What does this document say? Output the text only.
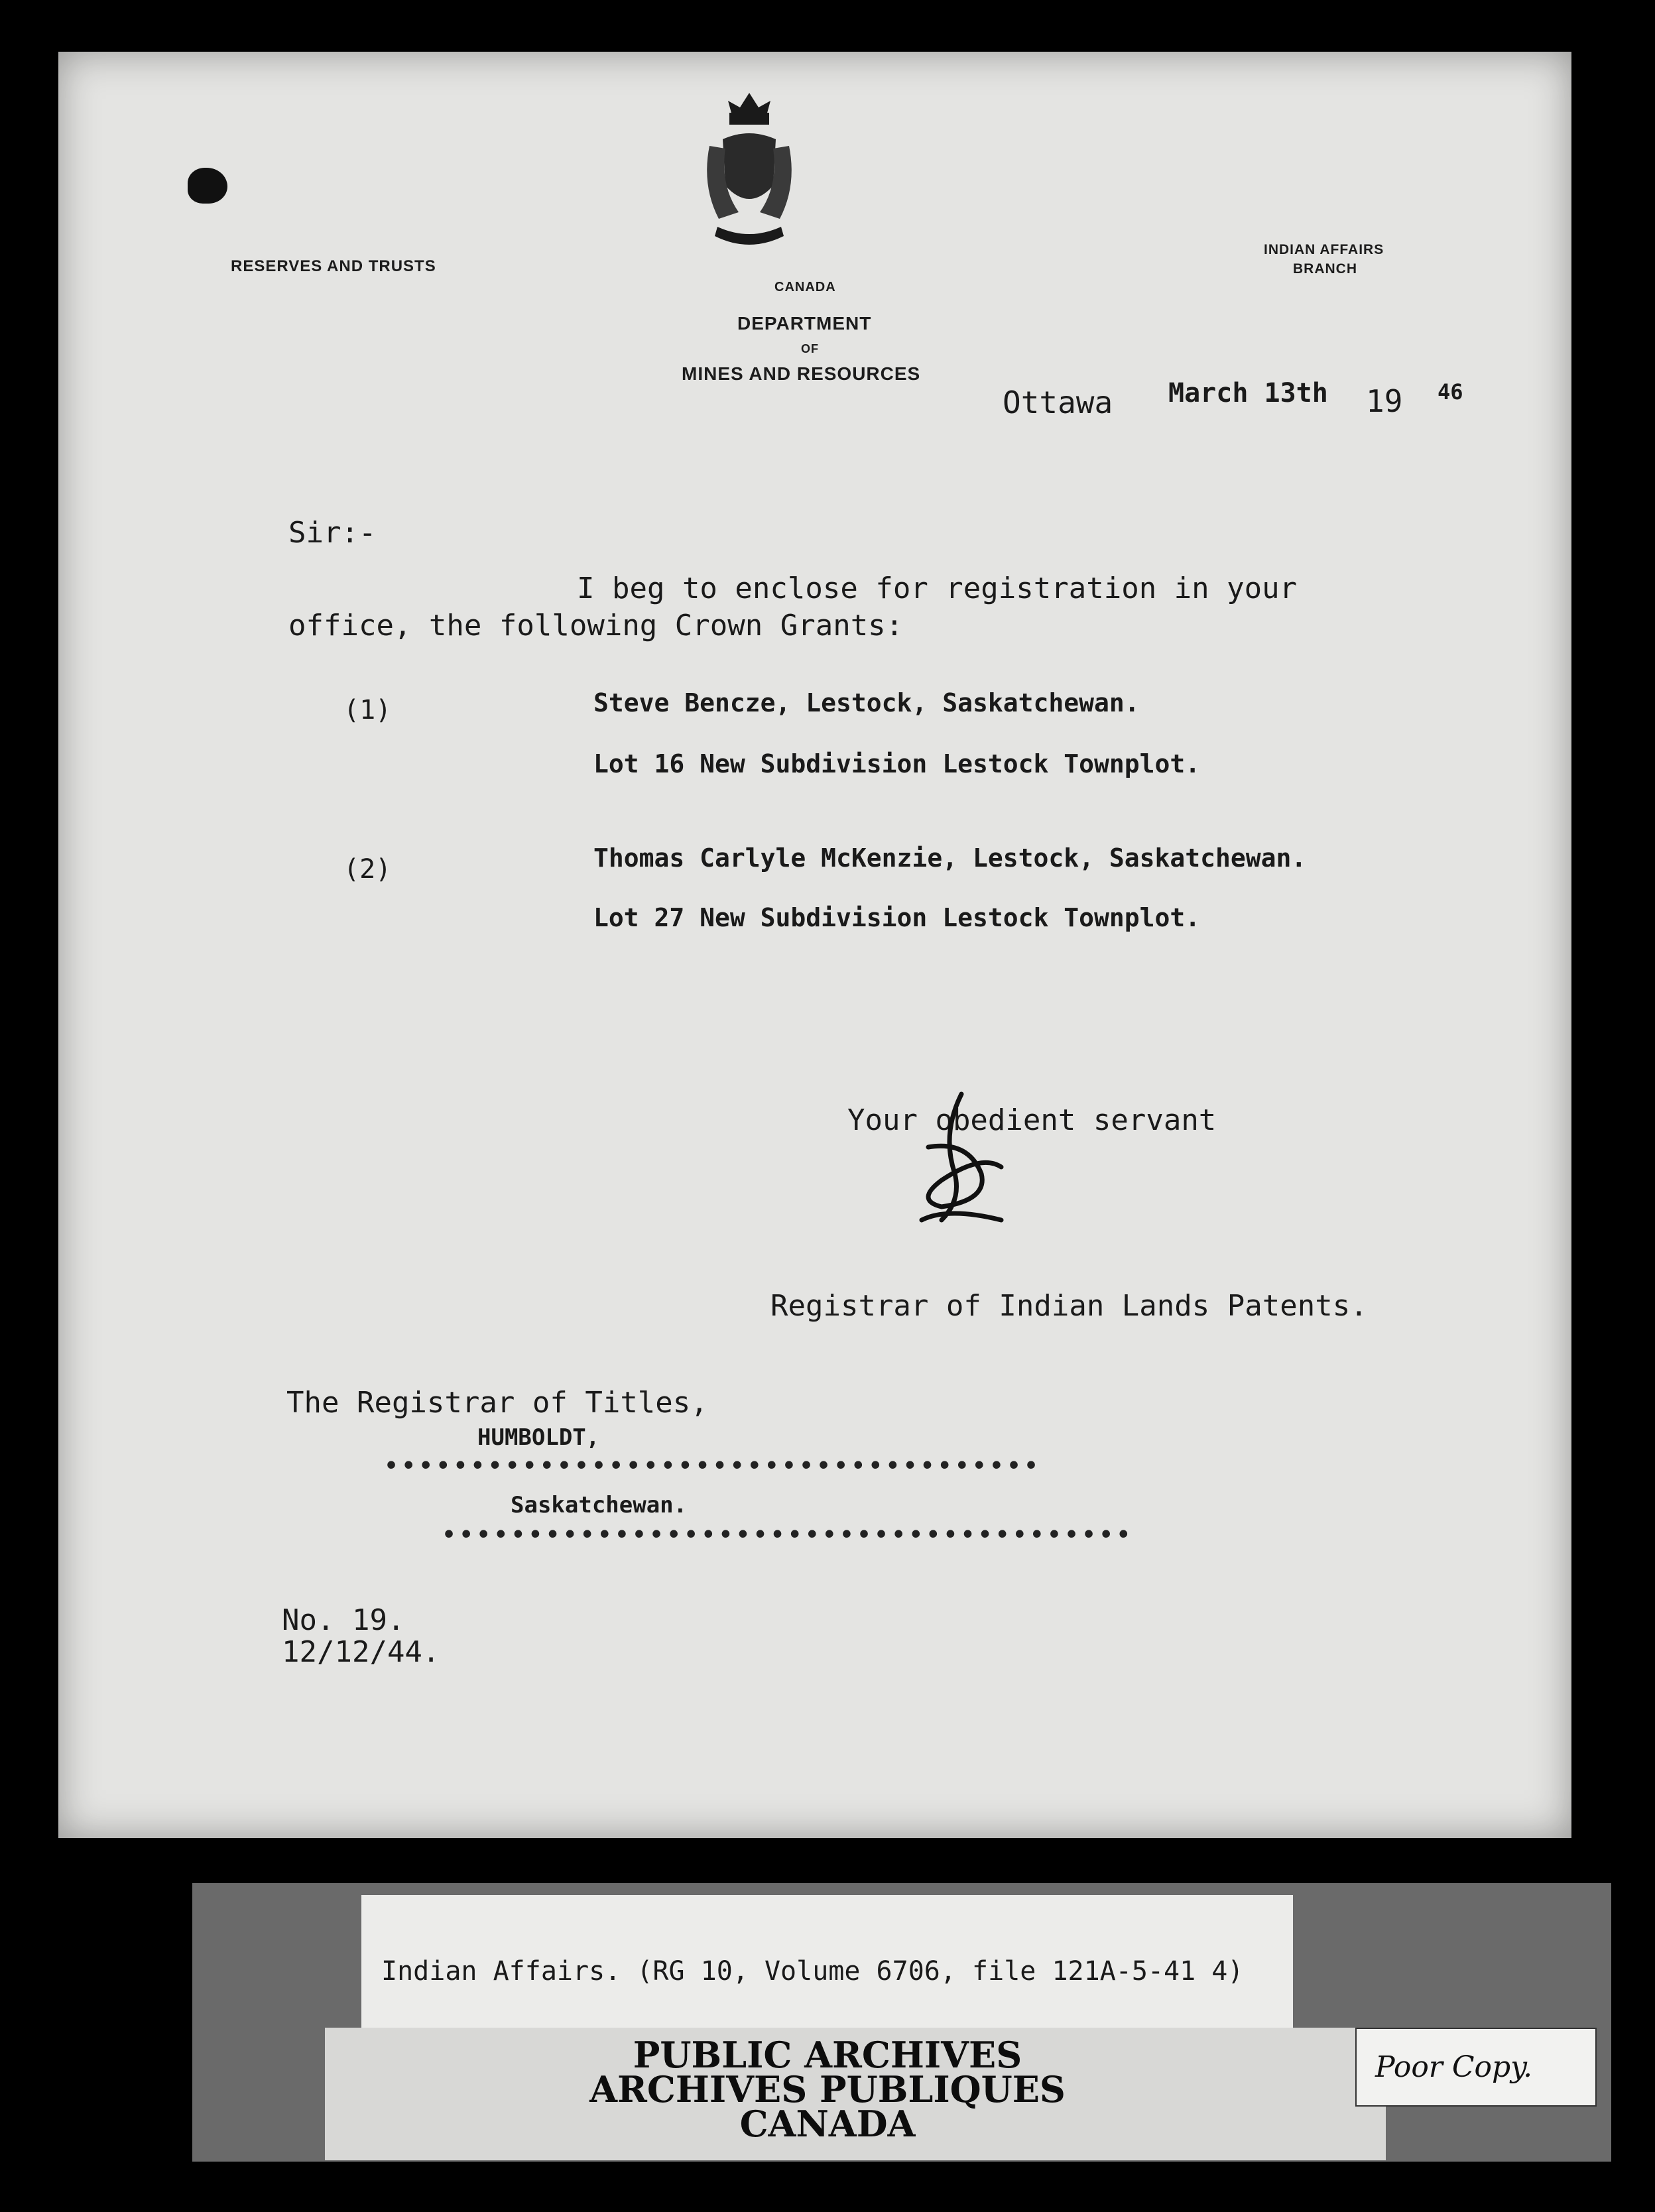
RESERVES AND TRUSTS
CANADA
DEPARTMENT
OF
MINES AND RESOURCES
INDIAN AFFAIRS
BRANCH
Ottawa March 13th 19 46
Sir:-
I beg to enclose for registration in your
office, the following Crown Grants:
(1)	Steve Bencze, Lestock, Saskatchewan.
Lot 16 New Subdivision Lestock Townplot.
(2)	Thomas Carlyle McKenzie, Lestock, Saskatchewan.
Lot 27 New Subdivision Lestock Townplot.
Your obedient servant
Registrar of Indian Lands Patents.
The Registrar of Titles,
HUMBOLDT,
••••••••••••••••••••••••••••••••••••••
Saskatchewan.
••••••••••••••••••••••••••••••••••••••••
No. 19.
12/12/44.
Indian Affairs. (RG 10, Volume 6706, file 121A-5-41 4)
PUBLIC ARCHIVES
ARCHIVES PUBLIQUES
CANADA
Poor Copy.
